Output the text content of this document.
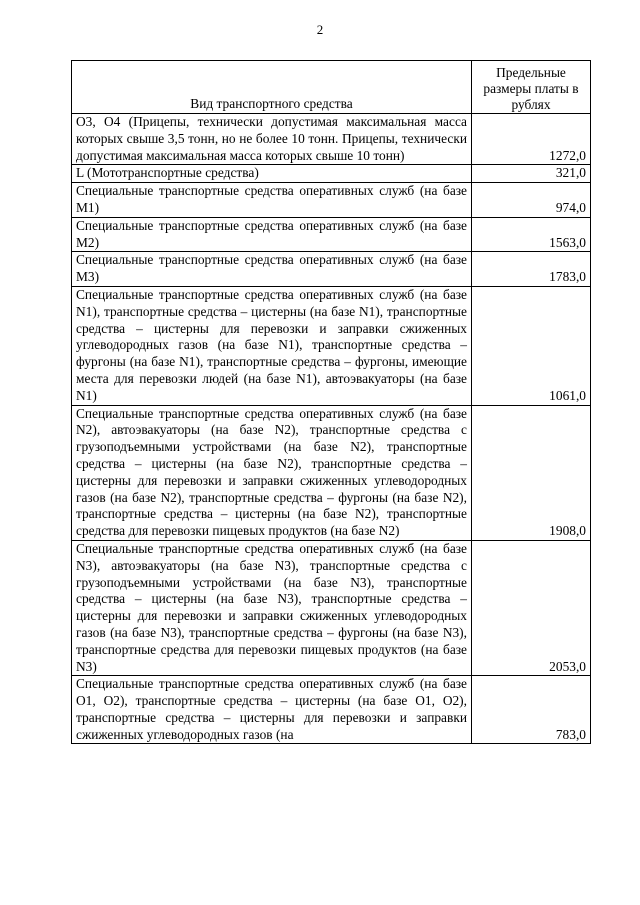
2
Вид транспортного средства	Предельные размеры платы в рублях
O3, O4 (Прицепы, технически допустимая максимальная масса которых свыше 3,5 тонн, но не более 10 тонн. Прицепы, технически допустимая максимальная масса которых свыше 10 тонн)	1272,0
L (Мототранспортные средства)	321,0
Специальные транспортные средства оперативных служб (на базе M1)	974,0
Специальные транспортные средства оперативных служб (на базе M2)	1563,0
Специальные транспортные средства оперативных служб (на базе M3)	1783,0
Специальные транспортные средства оперативных служб (на базе N1), транспортные средства – цистерны (на базе N1), транспортные средства – цистерны для перевозки и заправки сжиженных углеводородных газов (на базе N1), транспортные средства – фургоны (на базе N1), транспортные средства – фургоны, имеющие места для перевозки людей (на базе N1), автоэвакуаторы (на базе N1)	1061,0
Специальные транспортные средства оперативных служб (на базе N2), автоэвакуаторы (на базе N2), транспортные средства с грузоподъемными устройствами (на базе N2), транспортные средства – цистерны (на базе N2), транспортные средства – цистерны для перевозки и заправки сжиженных углеводородных газов (на базе N2), транспортные средства – фургоны (на базе N2), транспортные средства – цистерны (на базе N2), транспортные средства для перевозки пищевых продуктов (на базе N2)	1908,0
Специальные транспортные средства оперативных служб (на базе N3), автоэвакуаторы (на базе N3), транспортные средства с грузоподъемными устройствами (на базе N3), транспортные средства – цистерны (на базе N3), транспортные средства – цистерны для перевозки и заправки сжиженных углеводородных газов (на базе N3), транспортные средства – фургоны (на базе N3), транспортные средства для перевозки пищевых продуктов (на базе N3)	2053,0
Специальные транспортные средства оперативных служб (на базе O1, O2), транспортные средства – цистерны (на базе O1, O2), транспортные средства – цистерны для перевозки и заправки сжиженных углеводородных газов (на	783,0
